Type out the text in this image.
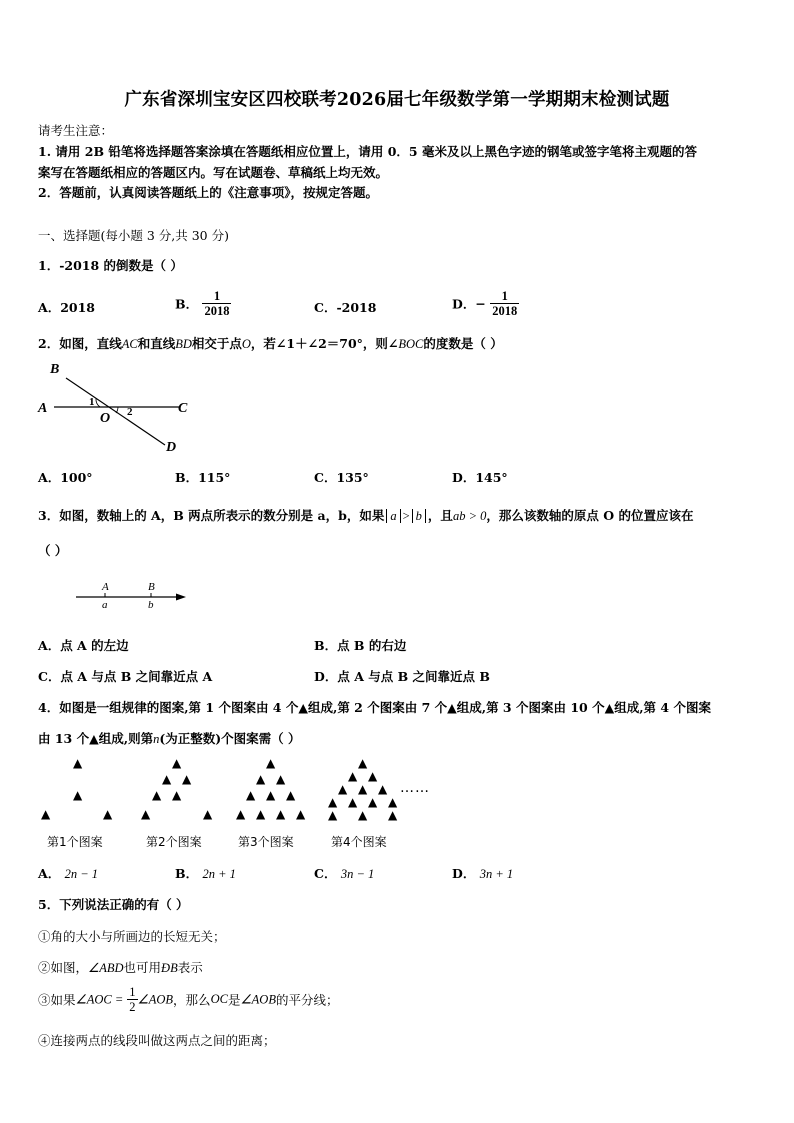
广东省深圳宝安区四校联考2026届七年级数学第一学期期末检测试题
请考生注意：
1. 请用 2B 铅笔将选择题答案涂填在答题纸相应位置上，请用 0．5 毫米及以上黑色字迹的钢笔或签字笔将主观题的答
案写在答题纸相应的答题区内。写在试题卷、草稿纸上均无效。
2．答题前，认真阅读答题纸上的《注意事项》，按规定答题。
一、选择题(每小题 3 分,共 30 分)
1．-2018 的倒数是（ ）
A．2018	B． $\frac{1}{2018}$	C．-2018	D．− $\frac{1}{2018}$
2．如图，直线AC和直线BD相交于点O，若∠1＋∠2＝70°，则∠BOC的度数是（ ）
B
A	C
D
O
1
2
A．100°	B．115°	C．135°	D．145°
3．如图，数轴上的 A，B 两点所表示的数分别是 a，b，如果 a > b ，且ab > 0，那么该数轴的原点 O 的位置应该在
（ ）
A	B
a	b
A．点 A 的左边	B．点 B 的右边
C．点 A 与点 B 之间靠近点 A	D．点 A 与点 B 之间靠近点 B
4．如图是一组规律的图案,第 1 个图案由 4 个▲组成,第 2 个图案由 7 个▲组成,第 3 个图案由 10 个▲组成,第 4 个图案
由 13 个▲组成,则第n(为正整数)个图案需（ ）
▲
▲
▲	▲
▲
▲ ▲
▲
▲
▲	▲
▲
▲ ▲
▲ ▲ ▲
▲ ▲ ▲ ▲
▲
▲ ▲
▲ ▲ ▲
▲ ▲ ▲ ▲
▲ ▲ ▲
……
第1个图案	第2个图案	第3个图案	第4个图案
A． 2n − 1	B． 2n + 1	C． 3n − 1	D． 3n + 1
5．下列说法正确的有（ ）
①角的大小与所画边的长短无关；
②如图，∠ABD也可用ÐB表示
③如果∠AOC = $\frac{1}{2}$ ∠AOB，那么OC是∠AOB的平分线；
④连接两点的线段叫做这两点之间的距离；
